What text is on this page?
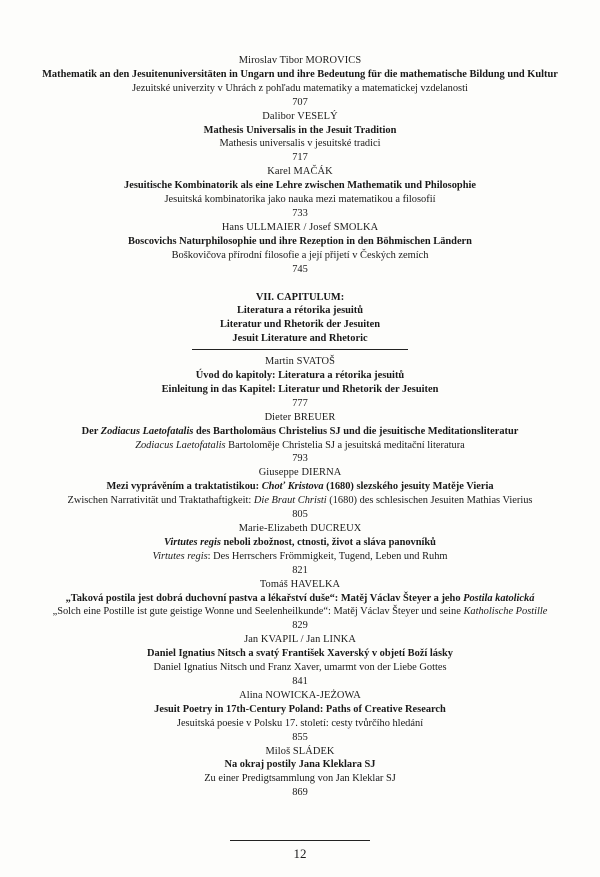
Miroslav Tibor MOROVICS
Mathematik an den Jesuitenuniversitäten in Ungarn und ihre Bedeutung für die mathematische Bildung und Kultur
Jezuitské univerzity v Uhrách z pohľadu matematiky a matematickej vzdelanosti
707
Dalibor VESELÝ
Mathesis Universalis in the Jesuit Tradition
Mathesis universalis v jesuitské tradici
717
Karel MAČÁK
Jesuitische Kombinatorik als eine Lehre zwischen Mathematik und Philosophie
Jesuitská kombinatorika jako nauka mezi matematikou a filosofií
733
Hans ULLMAIER / Josef SMOLKA
Boscovichs Naturphilosophie und ihre Rezeption in den Böhmischen Ländern
Boškovičova přírodní filosofie a její přijetí v Českých zemích
745
VII. CAPITULUM:
Literatura a rétorika jesuitů
Literatur und Rhetorik der Jesuiten
Jesuit Literature and Rhetoric
Martin SVATOŠ
Úvod do kapitoly: Literatura a rétorika jesuitů
Einleitung in das Kapitel: Literatur und Rhetorik der Jesuiten
777
Dieter BREUER
Der Zodiacus Laetofatalis des Bartholomäus Christelius SJ und die jesuitische Meditationsliteratur
Zodiacus Laetofatalis Bartoloměje Christelia SJ a jesuitská meditační literatura
793
Giuseppe DIERNA
Mezi vyprávěním a traktatistikou: Choť Kristova (1680) slezského jesuity Matěje Vieria
Zwischen Narrativität und Traktathaftigkeit: Die Braut Christi (1680) des schlesischen Jesuiten Mathias Vierius
805
Marie-Elizabeth DUCREUX
Virtutes regis neboli zbožnost, ctnosti, život a sláva panovníků
Virtutes regis: Des Herrschers Frömmigkeit, Tugend, Leben und Ruhm
821
Tomáš HAVELKA
„Taková postila jest dobrá duchovní pastva a lékařství duše“: Matěj Václav Šteyer a jeho Postila katolická
„Solch eine Postille ist gute geistige Wonne und Seelenheilkunde“: Matěj Václav Šteyer und seine Katholische Postille
829
Jan KVAPIL / Jan LINKA
Daniel Ignatius Nitsch a svatý František Xaverský v objetí Boží lásky
Daniel Ignatius Nitsch und Franz Xaver, umarmt von der Liebe Gottes
841
Alina NOWICKA-JEŻOWA
Jesuit Poetry in 17th-Century Poland: Paths of Creative Research
Jesuitská poesie v Polsku 17. století: cesty tvůrčího hledání
855
Miloš SLÁDEK
Na okraj postily Jana Kleklara SJ
Zu einer Predigtsammlung von Jan Kleklar SJ
869
12
